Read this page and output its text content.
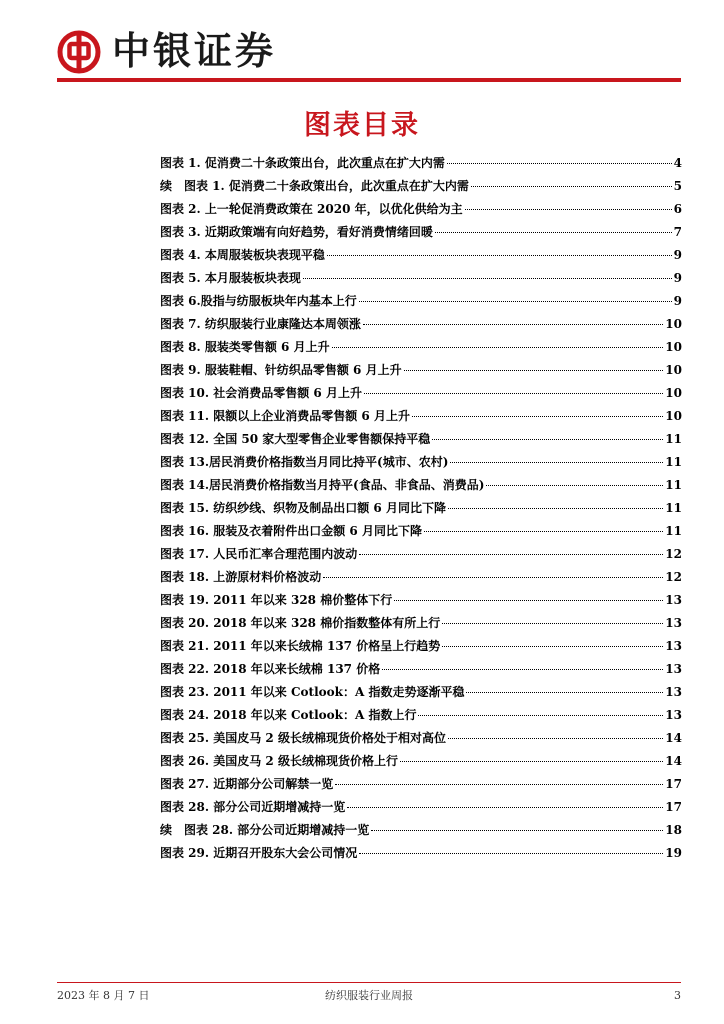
中银证券
图表目录
图表 1. 促消费二十条政策出台，此次重点在扩大内需	4
续　图表 1. 促消费二十条政策出台，此次重点在扩大内需	5
图表 2. 上一轮促消费政策在 2020 年，以优化供给为主	6
图表 3. 近期政策端有向好趋势，看好消费情绪回暖	7
图表 4. 本周服装板块表现平稳	9
图表 5. 本月服装板块表现	9
图表 6.股指与纺服板块年内基本上行	9
图表 7. 纺织服装行业康隆达本周领涨	10
图表 8. 服装类零售额 6 月上升	10
图表 9. 服装鞋帽、针纺织品零售额 6 月上升	10
图表 10. 社会消费品零售额 6 月上升	10
图表 11. 限额以上企业消费品零售额 6 月上升	10
图表 12. 全国 50 家大型零售企业零售额保持平稳	11
图表 13.居民消费价格指数当月同比持平(城市、农村)	11
图表 14.居民消费价格指数当月持平(食品、非食品、消费品)	11
图表 15. 纺织纱线、织物及制品出口额 6 月同比下降	11
图表 16. 服装及衣着附件出口金额 6 月同比下降	11
图表 17. 人民币汇率合理范围内波动	12
图表 18. 上游原材料价格波动	12
图表 19. 2011 年以来 328 棉价整体下行	13
图表 20. 2018 年以来 328 棉价指数整体有所上行	13
图表 21. 2011 年以来长绒棉 137 价格呈上行趋势	13
图表 22. 2018 年以来长绒棉 137 价格	13
图表 23. 2011 年以来 Cotlook：A 指数走势逐渐平稳	13
图表 24. 2018 年以来 Cotlook：A 指数上行	13
图表 25. 美国皮马 2 级长绒棉现货价格处于相对高位	14
图表 26. 美国皮马 2 级长绒棉现货价格上行	14
图表 27. 近期部分公司解禁一览	17
图表 28. 部分公司近期增减持一览	17
续　图表 28. 部分公司近期增减持一览	18
图表 29. 近期召开股东大会公司情况	19
2023 年 8 月 7 日	纺织服装行业周报	3
